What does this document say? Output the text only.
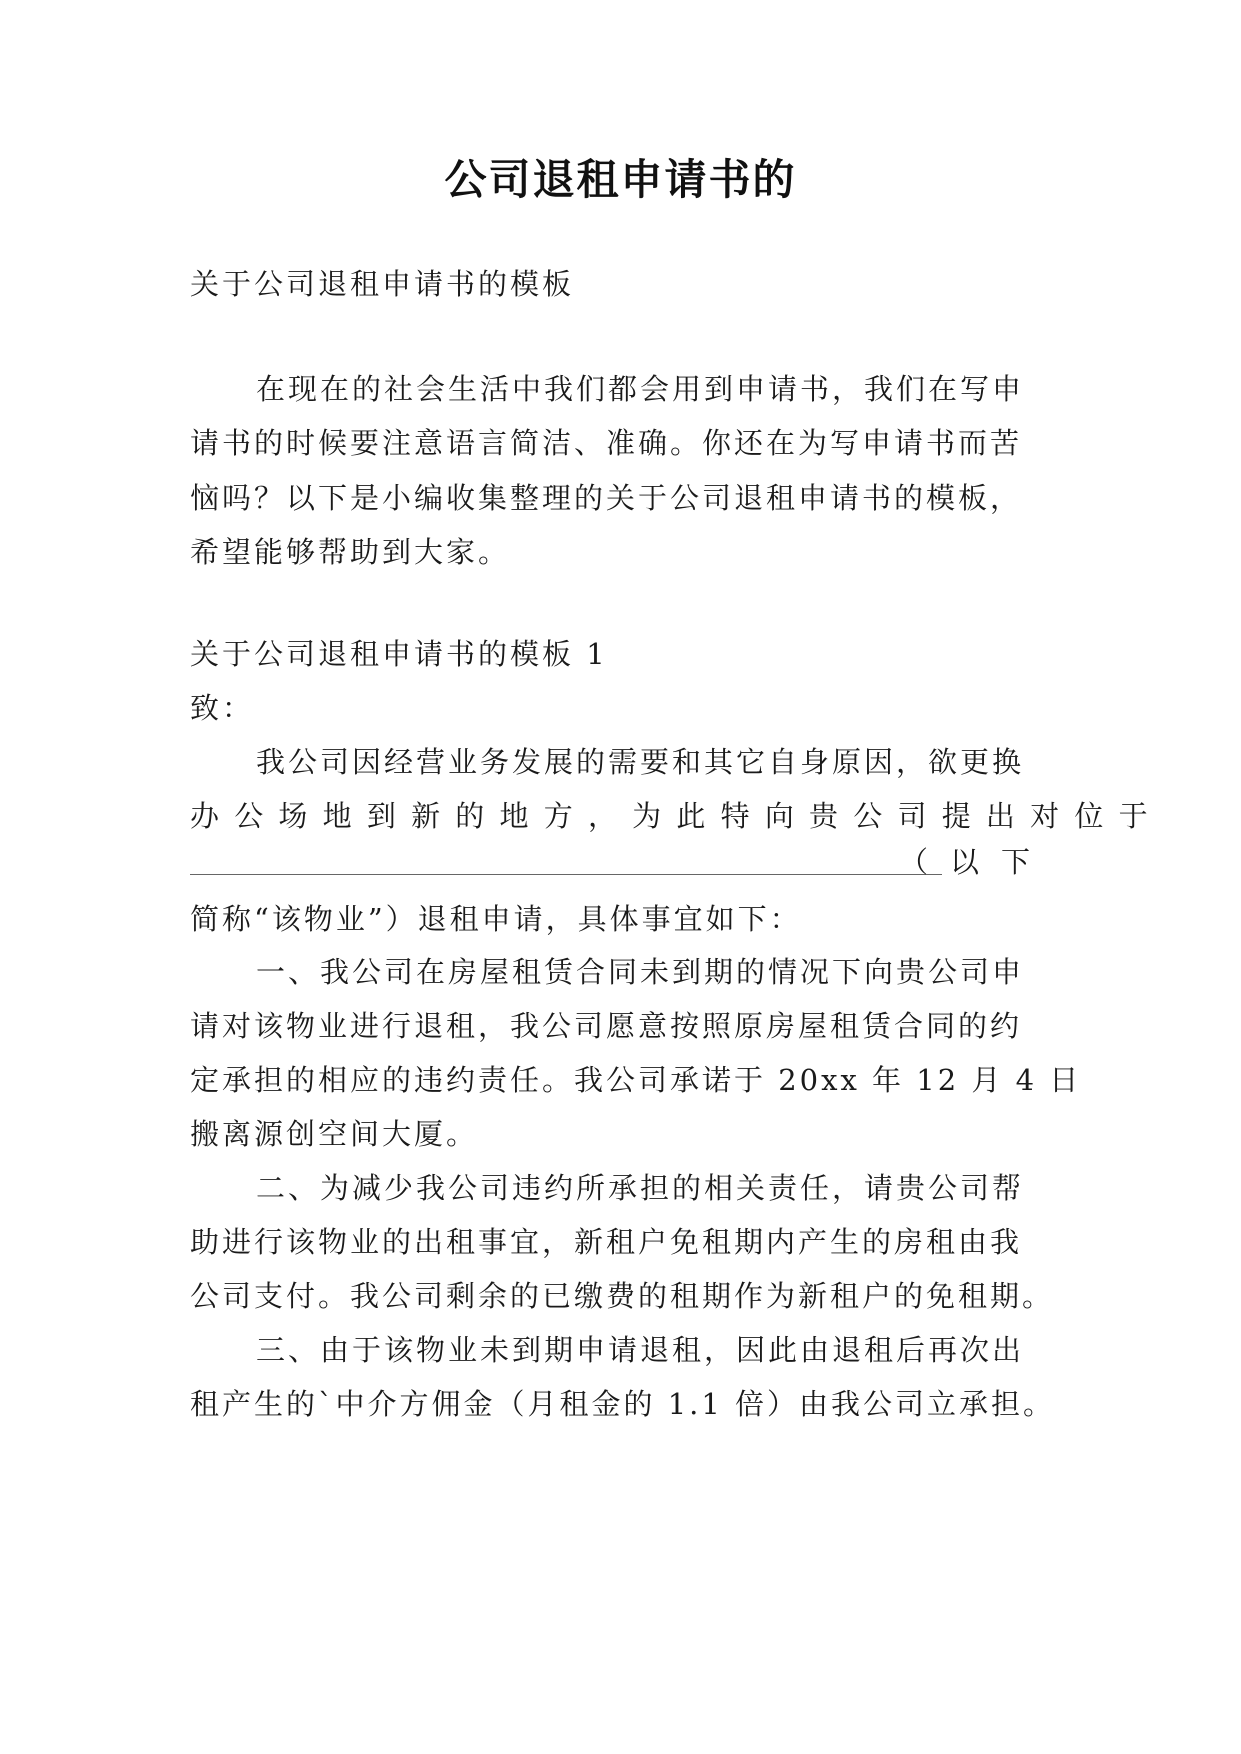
公司退租申请书的
关于公司退租申请书的模板
在现在的社会生活中我们都会用到申请书，我们在写申
请书的时候要注意语言简洁、准确。你还在为写申请书而苦
恼吗？以下是小编收集整理的关于公司退租申请书的模板，
希望能够帮助到大家。
关于公司退租申请书的模板 1
致：
我公司因经营业务发展的需要和其它自身原因，欲更换
办 公 场 地 到 新 的 地 方 ， 为 此 特 向 贵 公 司 提 出 对 位 于
（以下
简称“该物业”）退租申请，具体事宜如下：
一、我公司在房屋租赁合同未到期的情况下向贵公司申
请对该物业进行退租，我公司愿意按照原房屋租赁合同的约
定承担的相应的违约责任。我公司承诺于 20xx 年 12 月 4 日
搬离源创空间大厦。
二、为减少我公司违约所承担的相关责任，请贵公司帮
助进行该物业的出租事宜，新租户免租期内产生的房租由我
公司支付。我公司剩余的已缴费的租期作为新租户的免租期。
三、由于该物业未到期申请退租，因此由退租后再次出
租产生的`中介方佣金（月租金的 1.1 倍）由我公司立承担。
